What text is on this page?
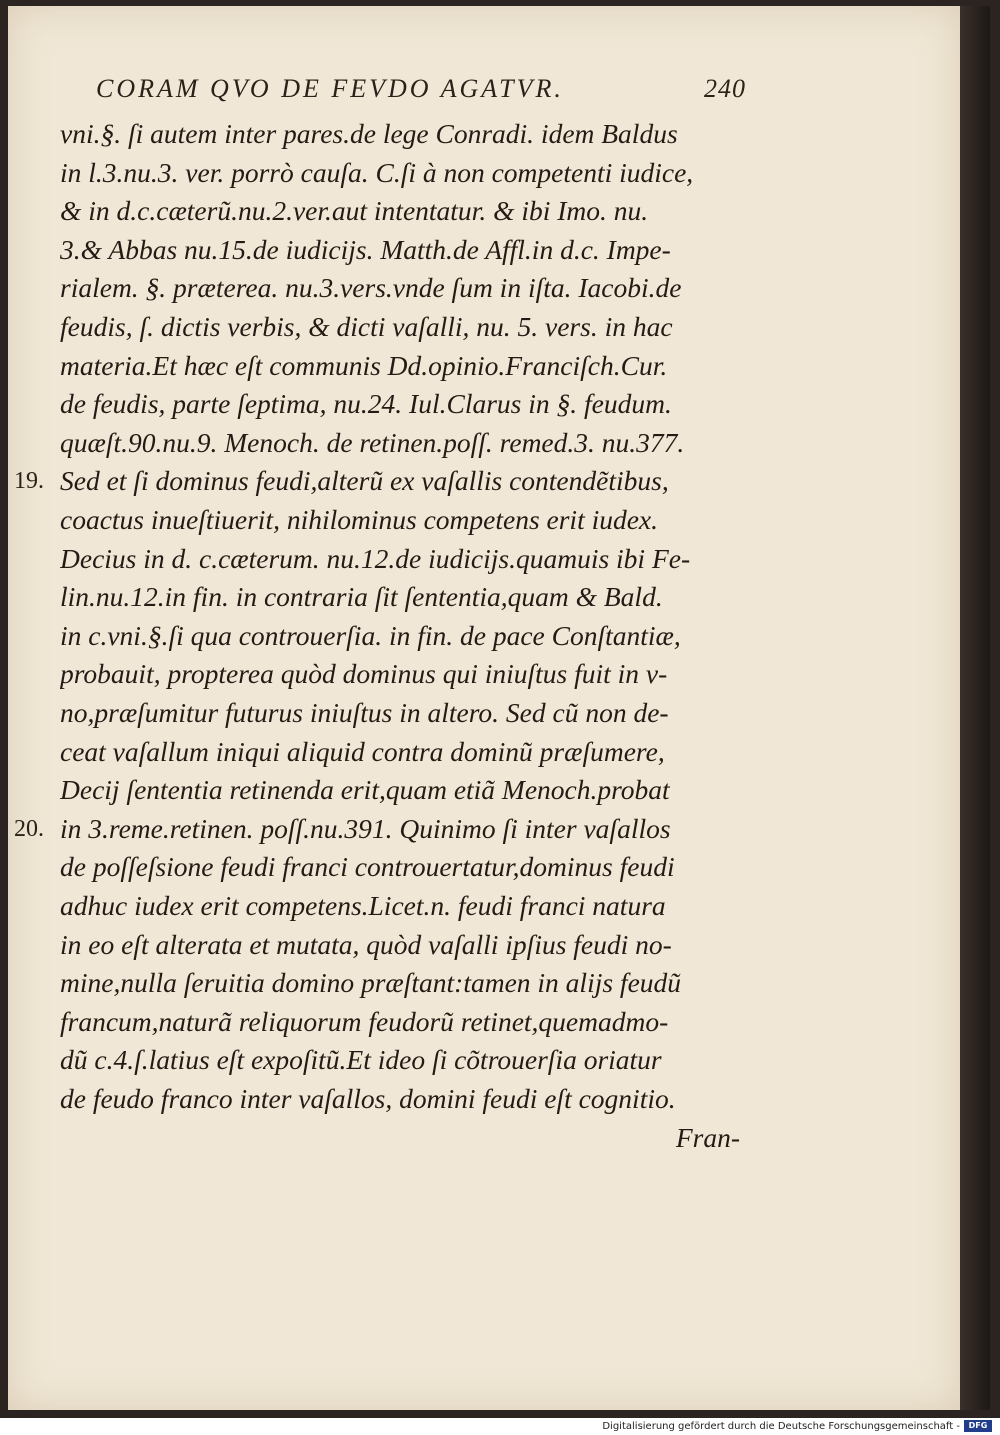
CORAM QVO DE FEVDO AGATVR.	240
vni.§. ſi autem inter pares.de lege Conradi. idem Baldus
in l.3.nu.3. ver. porrò cauſa. C.ſi à non competenti iudice,
& in d.c.cæterũ.nu.2.ver.aut intentatur. & ibi Imo. nu.
3.& Abbas nu.15.de iudicijs. Matth.de Affl.in d.c. Impe-
rialem. §. præterea. nu.3.vers.vnde ſum in iſta. Iacobi.de
feudis, ſ. dictis verbis, & dicti vaſalli, nu. 5. vers. in hac
materia.Et hæc eſt communis Dd.opinio.Franciſch.Cur.
de feudis, parte ſeptima, nu.24. Iul.Clarus in §. feudum.
quæſt.90.nu.9. Menoch. de retinen.poſſ. remed.3. nu.377.
Sed et ſi dominus feudi,alterũ ex vaſallis contendẽtibus,
coactus inueſtiuerit, nihilominus competens erit iudex.
Decius in d. c.cæterum. nu.12.de iudicijs.quamuis ibi Fe-
lin.nu.12.in fin. in contraria ſit ſententia,quam & Bald.
in c.vni.§.ſi qua controuerſia. in fin. de pace Conſtantiæ,
probauit, propterea quòd dominus qui iniuſtus fuit in v-
no,præſumitur futurus iniuſtus in altero. Sed cũ non de-
ceat vaſallum iniqui aliquid contra dominũ præſumere,
Decij ſententia retinenda erit,quam etiã Menoch.probat
in 3.reme.retinen. poſſ.nu.391. Quinimo ſi inter vaſallos
de poſſeſsione feudi franci controuertatur,dominus feudi
adhuc iudex erit competens.Licet.n. feudi franci natura
in eo eſt alterata et mutata, quòd vaſalli ipſius feudi no-
mine,nulla ſeruitia domino præſtant:tamen in alijs feudũ
francum,naturã reliquorum feudorũ retinet,quemadmo-
dũ c.4.ſ.latius eſt expoſitũ.Et ideo ſi cõtrouerſia oriatur
de feudo franco inter vaſallos, domini feudi eſt cognitio.
19.
20.
Fran-
Digitalisierung gefördert durch die Deutsche Forschungsgemeinschaft -	DFG
